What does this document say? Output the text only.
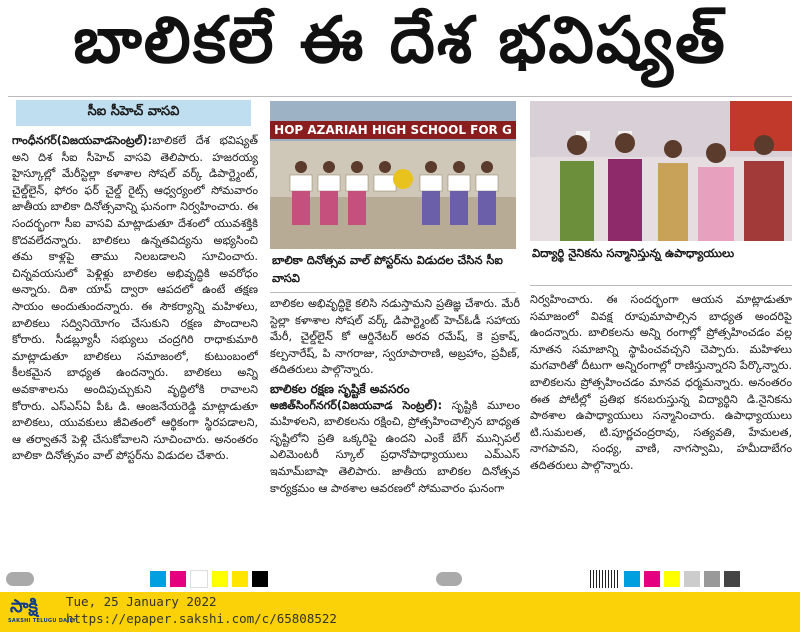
బాలికలే ఈ దేశ భవిష్యత్
సీఐ సీహెచ్ వాసవి

గాంధీనగర్(విజయవాడసెంట్రల్):బాలికలే దేశ భవిష్యత్ అని దిశ సీఐ సీహెచ్ వాసవి తెలిపారు. హజరయ్య హైస్కూల్లో మేరీస్టెల్లా కళాశాల సోషల్ వర్క్ డిపార్ట్మెంట్, చైల్డ్‌లైన్, ఫోరం ఫర్ చైల్డ్ రైట్స్ ఆధ్వర్యంలో సోమవారం జాతీయ బాలికా దినోత్సవాన్ని ఘనంగా నిర్వహించారు. ఈ సందర్భంగా సీఐ వాసవి మాట్లాడుతూ దేశంలో యువశక్తికి కొదవలేదన్నారు. బాలికలు ఉన్నతవిద్యను అభ్యసించి తమ కాళ్లపై తాము నిలబడాలని సూచించారు. చిన్నవయసులో పెళ్లిళ్లు బాలికల అభివృద్ధికి అవరోధం అన్నారు. దిశా యాప్ ద్వారా ఆపదలో ఉంటే తక్షణ సాయం అందుతుందన్నారు. ఈ సౌకర్యాన్ని మహిళలు, బాలికలు సద్వినియోగం చేసుకుని రక్షణ పొందాలని కోరారు. సీడబ్ల్యూసీ సభ్యులు చంద్రగిరి రాధాకుమారి మాట్లాడుతూ బాలికలు సమాజంలో, కుటుంబంలో కీలకమైన బాధ్యత ఉందన్నారు. బాలికలు అన్ని అవకాశాలను అందిపుచ్చుకుని వృద్ధిలోకి రావాలని కోరారు. ఎస్‌ఎస్‌ఏ పీఓ డి. ఆంజనేయరెడ్డి మాట్లాడుతూ బాలికలు, యువకులు జీవితంలో ఆర్థికంగా స్థిరపడాలని, ఆ తర్వాతనే పెళ్లి చేసుకోవాలని సూచించారు. అనంతరం బాలికా దినోత్సవం వాల్ పోస్టర్‌ను విడుదల చేశారు.

HOP AZARIAH HIGH SCHOOL FOR G
బాలికా దినోత్సవ వాల్ పోస్టర్‌ను విడుదల చేసిన సీఐ వాసవి

బాలికల అభివృద్ధికై కలిసి నడుస్తామని ప్రతిజ్ఞ చేశారు. మేరీ స్టెల్లా కళాశాల సోషల్ వర్క్ డిపార్ట్మెంట్ హెచ్‌ఓడీ సహాయ మేరీ, చైల్డ్‌లైన్ కో ఆర్డినేటర్ అరవ రమేష్, కె ప్రకాష్, కల్పనారేష్, పి నాగరాజు, స్వరూపారాణి, అబ్రహాం, ప్రవీణ్, తదితరులు పాల్గొన్నారు.

బాలికల రక్షణ సృష్టికే అవసరం

అజిత్‌సింగ్‌నగర్(విజయవాడ సెంట్రల్): సృష్టికి మూలం మహిళలని, బాలికలను రక్షించి, ప్రోత్సహించాల్సిన బాధ్యత సృష్టిలోని ప్రతి ఒక్కరిపై ఉందని ఎంకే బేగ్ మున్సిపల్ ఎలిమెంటరీ స్కూల్ ప్రధానోపాధ్యాయులు ఎమ్‌ఎస్ ఇమామ్‌బాషా తెలిపారు. జాతీయ బాలికల దినోత్సవ కార్యక్రమం ఆ పాఠశాల ఆవరణలో సోమవారం ఘనంగా

విద్యార్థి నైనికను సన్మానిస్తున్న ఉపాధ్యాయులు

నిర్వహించారు. ఈ సందర్భంగా ఆయన మాట్లాడుతూ సమాజంలో వివక్ష రూపుమాపాల్సిన బాధ్యత అందరిపై ఉందన్నారు. బాలికలను అన్ని రంగాల్లో ప్రోత్సహించడం వల్ల నూతన సమాజాన్ని స్థాపించవచ్చని చెప్పారు. మహిళలు మగవారితో దీటుగా అన్నిరంగాల్లో రాణిస్తున్నారని పేర్కొన్నారు. బాలికలను ప్రోత్సహించడం మానవ ధర్మమన్నారు. అనంతరం ఈత పోటీల్లో ప్రతిభ కనబరుస్తున్న విద్యార్థిని డి.నైనికను పాఠశాల ఉపాధ్యాయులు సన్మానించారు. ఉపాధ్యాయులు టి.సుమలత, టి.పూర్ణచంద్రరావు, సత్యవతి, హేమలత, నాగపావని, సంధ్య, వాణి, నాగస్వామి, హమీదాబేగం తదితరులు పాల్గొన్నారు.

సాక్షి
SAKSHI TELUGU DAILY
Tue, 25 January 2022
https://epaper.sakshi.com/c/65808522
